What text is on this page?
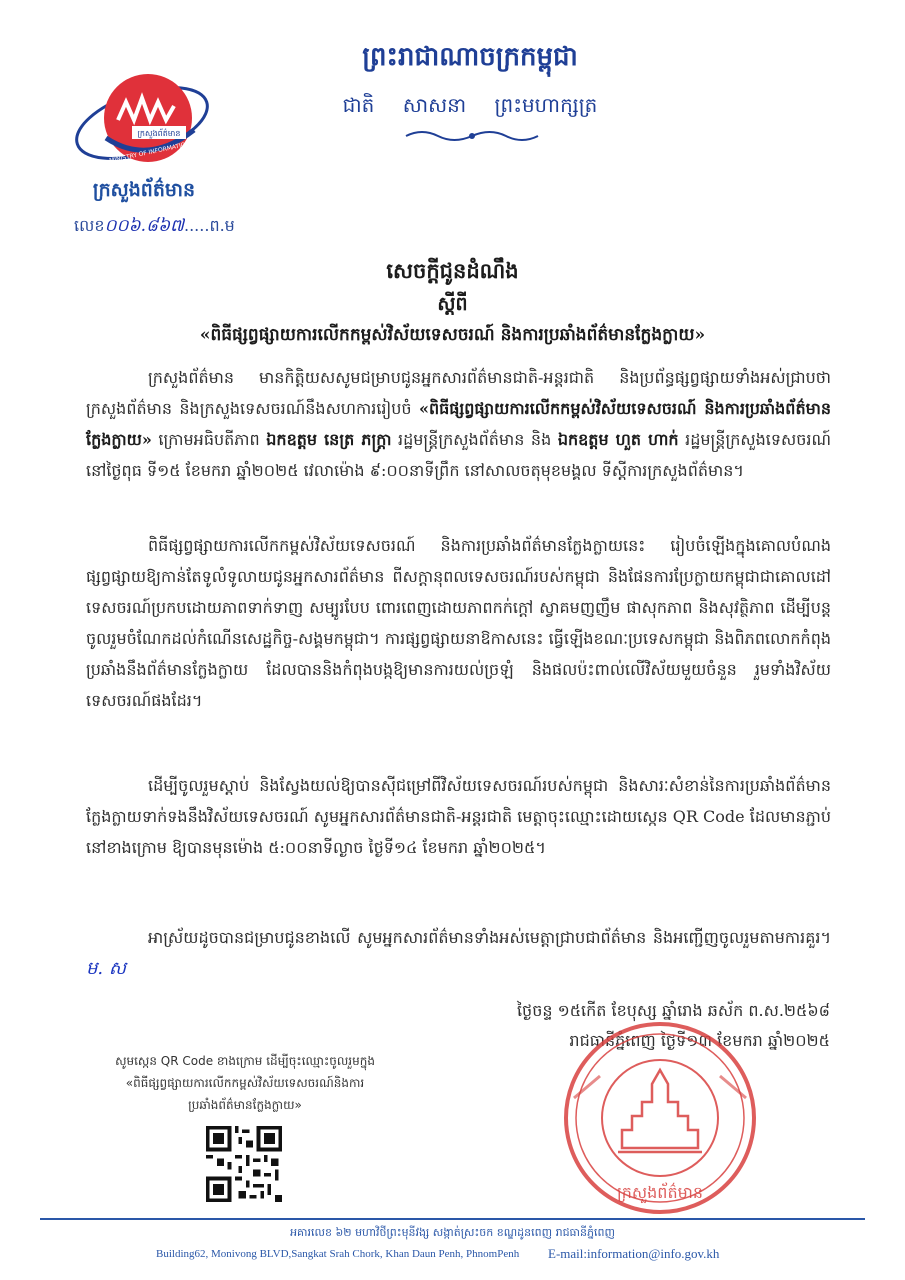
ក្រសួងព័ត៌មាន
MINISTRY OF INFORMATION
ក្រសួងព័ត៌មាន
លេខ០០៦.៨៦៧.....ព.ម
ព្រះរាជាណាចក្រកម្ពុជា
ជាតិ សាសនា ព្រះមហាក្សត្រ
សេចក្ដីជូនដំណឹង
ស្ដីពី
«ពិធីផ្សព្វផ្សាយការលើកកម្ពស់វិស័យទេសចរណ៍ និងការប្រឆាំងព័ត៌មានក្លែងក្លាយ»
ក្រសួងព័ត៌មាន មានកិត្តិយសសូមជម្រាបជូនអ្នកសារព័ត៌មានជាតិ-អន្តរជាតិ និងប្រព័ន្ធផ្សព្វផ្សាយទាំងអស់ជ្រាបថា ក្រសួងព័ត៌មាន និងក្រសួងទេសចរណ៍នឹងសហការរៀបចំ «ពិធីផ្សព្វផ្សាយការលើកកម្ពស់វិស័យទេសចរណ៍ និងការប្រឆាំងព័ត៌មានក្លែងក្លាយ» ក្រោមអធិបតីភាព ឯកឧត្តម នេត្រ ភក្ត្រា រដ្ឋមន្ត្រីក្រសួងព័ត៌មាន និង ឯកឧត្តម ហួត ហាក់ រដ្ឋមន្ត្រីក្រសួងទេសចរណ៍ នៅថ្ងៃពុធ ទី១៥ ខែមករា ឆ្នាំ២០២៥ វេលាម៉ោង ៩:០០នាទីព្រឹក នៅសាលចតុមុខមង្គល ទីស្ដីការក្រសួងព័ត៌មាន។
ពិធីផ្សព្វផ្សាយការលើកកម្ពស់វិស័យទេសចរណ៍ និងការប្រឆាំងព័ត៌មានក្លែងក្លាយនេះ រៀបចំឡើងក្នុងគោលបំណងផ្សព្វផ្សាយឱ្យកាន់តែទូលំទូលាយជូនអ្នកសារព័ត៌មាន ពីសក្ដានុពលទេសចរណ៍របស់កម្ពុជា និងផែនការប្រែក្លាយកម្ពុជាជាគោលដៅទេសចរណ៍ប្រកបដោយភាពទាក់ទាញ សម្បូរបែប ពោរពេញដោយភាពកក់ក្ដៅ ស្វាគមញញឹម ផាសុកភាព និងសុវត្ថិភាព ដើម្បីបន្តចូលរួមចំណែកដល់កំណើនសេដ្ឋកិច្ច-សង្គមកម្ពុជា។ ការផ្សព្វផ្សាយនាឱកាសនេះ ធ្វើឡើងខណៈប្រទេសកម្ពុជា និងពិភពលោកកំពុងប្រឆាំងនឹងព័ត៌មានក្លែងក្លាយ ដែលបាននិងកំពុងបង្កឱ្យមានការយល់ច្រឡំ និងផលប៉ះពាល់លើវិស័យមួយចំនួន រួមទាំងវិស័យទេសចរណ៍ផងដែរ។
ដើម្បីចូលរួមស្ដាប់ និងស្វែងយល់ឱ្យបានស៊ីជម្រៅពីវិស័យទេសចរណ៍របស់កម្ពុជា និងសារៈសំខាន់នៃការប្រឆាំងព័ត៌មានក្លែងក្លាយទាក់ទងនឹងវិស័យទេសចរណ៍ សូមអ្នកសារព័ត៌មានជាតិ-អន្តរជាតិ មេត្តាចុះឈ្មោះដោយស្កេន QR Code ដែលមានភ្ជាប់នៅខាងក្រោម ឱ្យបានមុនម៉ោង ៥:០០នាទីល្ងាច ថ្ងៃទី១៤ ខែមករា ឆ្នាំ២០២៥។
អាស្រ័យដូចបានជម្រាបជូនខាងលើ សូមអ្នកសារព័ត៌មានទាំងអស់មេត្តាជ្រាបជាព័ត៌មាន និងអញ្ជើញចូលរួមតាមការគួរ។ម. ស
ថ្ងៃចន្ទ ១៥កើត ខែបុស្ស ឆ្នាំរោង ឆស័ក ព.ស.២៥៦៨
រាជធានីភ្នំពេញ ថ្ងៃទី១៣ ខែមករា ឆ្នាំ២០២៥
សូមស្កេន QR Code ខាងក្រោម ដើម្បីចុះឈ្មោះចូលរួមក្នុង
«ពិធីផ្សព្វផ្សាយការលើកកម្ពស់វិស័យទេសចរណ៍និងការ
ប្រឆាំងព័ត៌មានក្លែងក្លាយ»
ក្រសួងព័ត៌មាន
អគារលេខ ៦២ មហាវិថីព្រះមុនីវង្ស សង្កាត់ស្រះចក ខណ្ឌដូនពេញ រាជធានីភ្នំពេញ
Building62, Monivong BLVD,Sangkat Srah Chork, Khan Daun Penh, PhnomPenh E-mail:information@info.gov.kh
